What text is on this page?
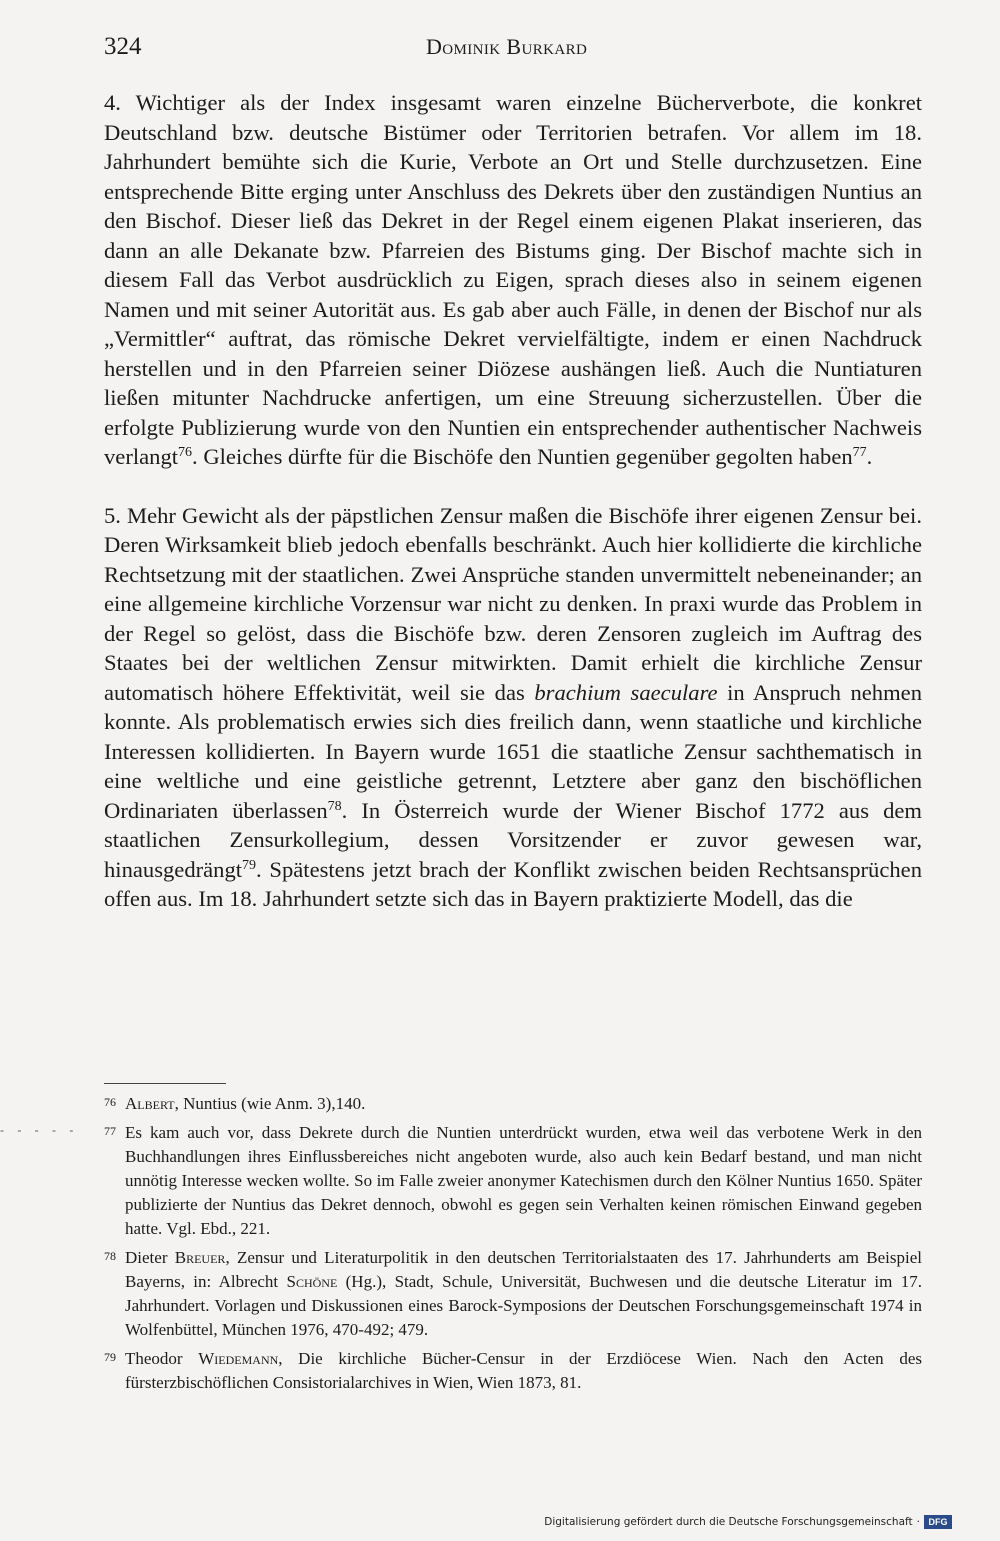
324	Dominik Burkard

4. Wichtiger als der Index insgesamt waren einzelne Bücherverbote, die konkret Deutschland bzw. deutsche Bistümer oder Territorien betrafen. Vor allem im 18. Jahrhundert bemühte sich die Kurie, Verbote an Ort und Stelle durchzusetzen. Eine entsprechende Bitte erging unter Anschluss des Dekrets über den zuständigen Nuntius an den Bischof. Dieser ließ das Dekret in der Regel einem eigenen Plakat inserieren, das dann an alle Dekanate bzw. Pfarreien des Bistums ging. Der Bischof machte sich in diesem Fall das Verbot ausdrücklich zu Eigen, sprach dieses also in seinem eigenen Namen und mit seiner Autorität aus. Es gab aber auch Fälle, in denen der Bischof nur als „Vermittler“ auftrat, das römische Dekret vervielfältigte, indem er einen Nachdruck herstellen und in den Pfarreien seiner Diözese aushängen ließ. Auch die Nuntiaturen ließen mitunter Nachdrucke anfertigen, um eine Streuung sicherzustellen. Über die erfolgte Publizierung wurde von den Nuntien ein entsprechender authentischer Nachweis verlangt$^{76}$. Gleiches dürfte für die Bischöfe den Nuntien gegenüber gegolten haben$^{77}$.

5. Mehr Gewicht als der päpstlichen Zensur maßen die Bischöfe ihrer eigenen Zensur bei. Deren Wirksamkeit blieb jedoch ebenfalls beschränkt. Auch hier kollidierte die kirchliche Rechtsetzung mit der staatlichen. Zwei Ansprüche standen unvermittelt nebeneinander; an eine allgemeine kirchliche Vorzensur war nicht zu denken. In praxi wurde das Problem in der Regel so gelöst, dass die Bischöfe bzw. deren Zensoren zugleich im Auftrag des Staates bei der weltlichen Zensur mitwirkten. Damit erhielt die kirchliche Zensur automatisch höhere Effektivität, weil sie das brachium saeculare in Anspruch nehmen konnte. Als problematisch erwies sich dies freilich dann, wenn staatliche und kirchliche Interessen kollidierten. In Bayern wurde 1651 die staatliche Zensur sachthematisch in eine weltliche und eine geistliche getrennt, Letztere aber ganz den bischöflichen Ordinariaten überlassen$^{78}$. In Österreich wurde der Wiener Bischof 1772 aus dem staatlichen Zensurkollegium, dessen Vorsitzender er zuvor gewesen war, hinausgedrängt$^{79}$. Spätestens jetzt brach der Konflikt zwischen beiden Rechtsansprüchen offen aus. Im 18. Jahrhundert setzte sich das in Bayern praktizierte Modell, das die

- - - - -
76 Albert, Nuntius (wie Anm. 3),140.
77 Es kam auch vor, dass Dekrete durch die Nuntien unterdrückt wurden, etwa weil das verbotene Werk in den Buchhandlungen ihres Einflussbereiches nicht angeboten wurde, also auch kein Bedarf bestand, und man nicht unnötig Interesse wecken wollte. So im Falle zweier anonymer Katechismen durch den Kölner Nuntius 1650. Später publizierte der Nuntius das Dekret dennoch, obwohl es gegen sein Verhalten keinen römischen Einwand gegeben hatte. Vgl. Ebd., 221.
78 Dieter Breuer, Zensur und Literaturpolitik in den deutschen Territorialstaaten des 17. Jahrhunderts am Beispiel Bayerns, in: Albrecht Schöne (Hg.), Stadt, Schule, Universität, Buchwesen und die deutsche Literatur im 17. Jahrhundert. Vorlagen und Diskussionen eines Barock-Symposions der Deutschen Forschungsgemeinschaft 1974 in Wolfenbüttel, München 1976, 470-492; 479.
79 Theodor Wiedemann, Die kirchliche Bücher-Censur in der Erzdiöcese Wien. Nach den Acten des fürsterzbischöflichen Consistorialarchives in Wien, Wien 1873, 81.
Digitalisierung gefördert durch die Deutsche Forschungsgemeinschaft · DFG
